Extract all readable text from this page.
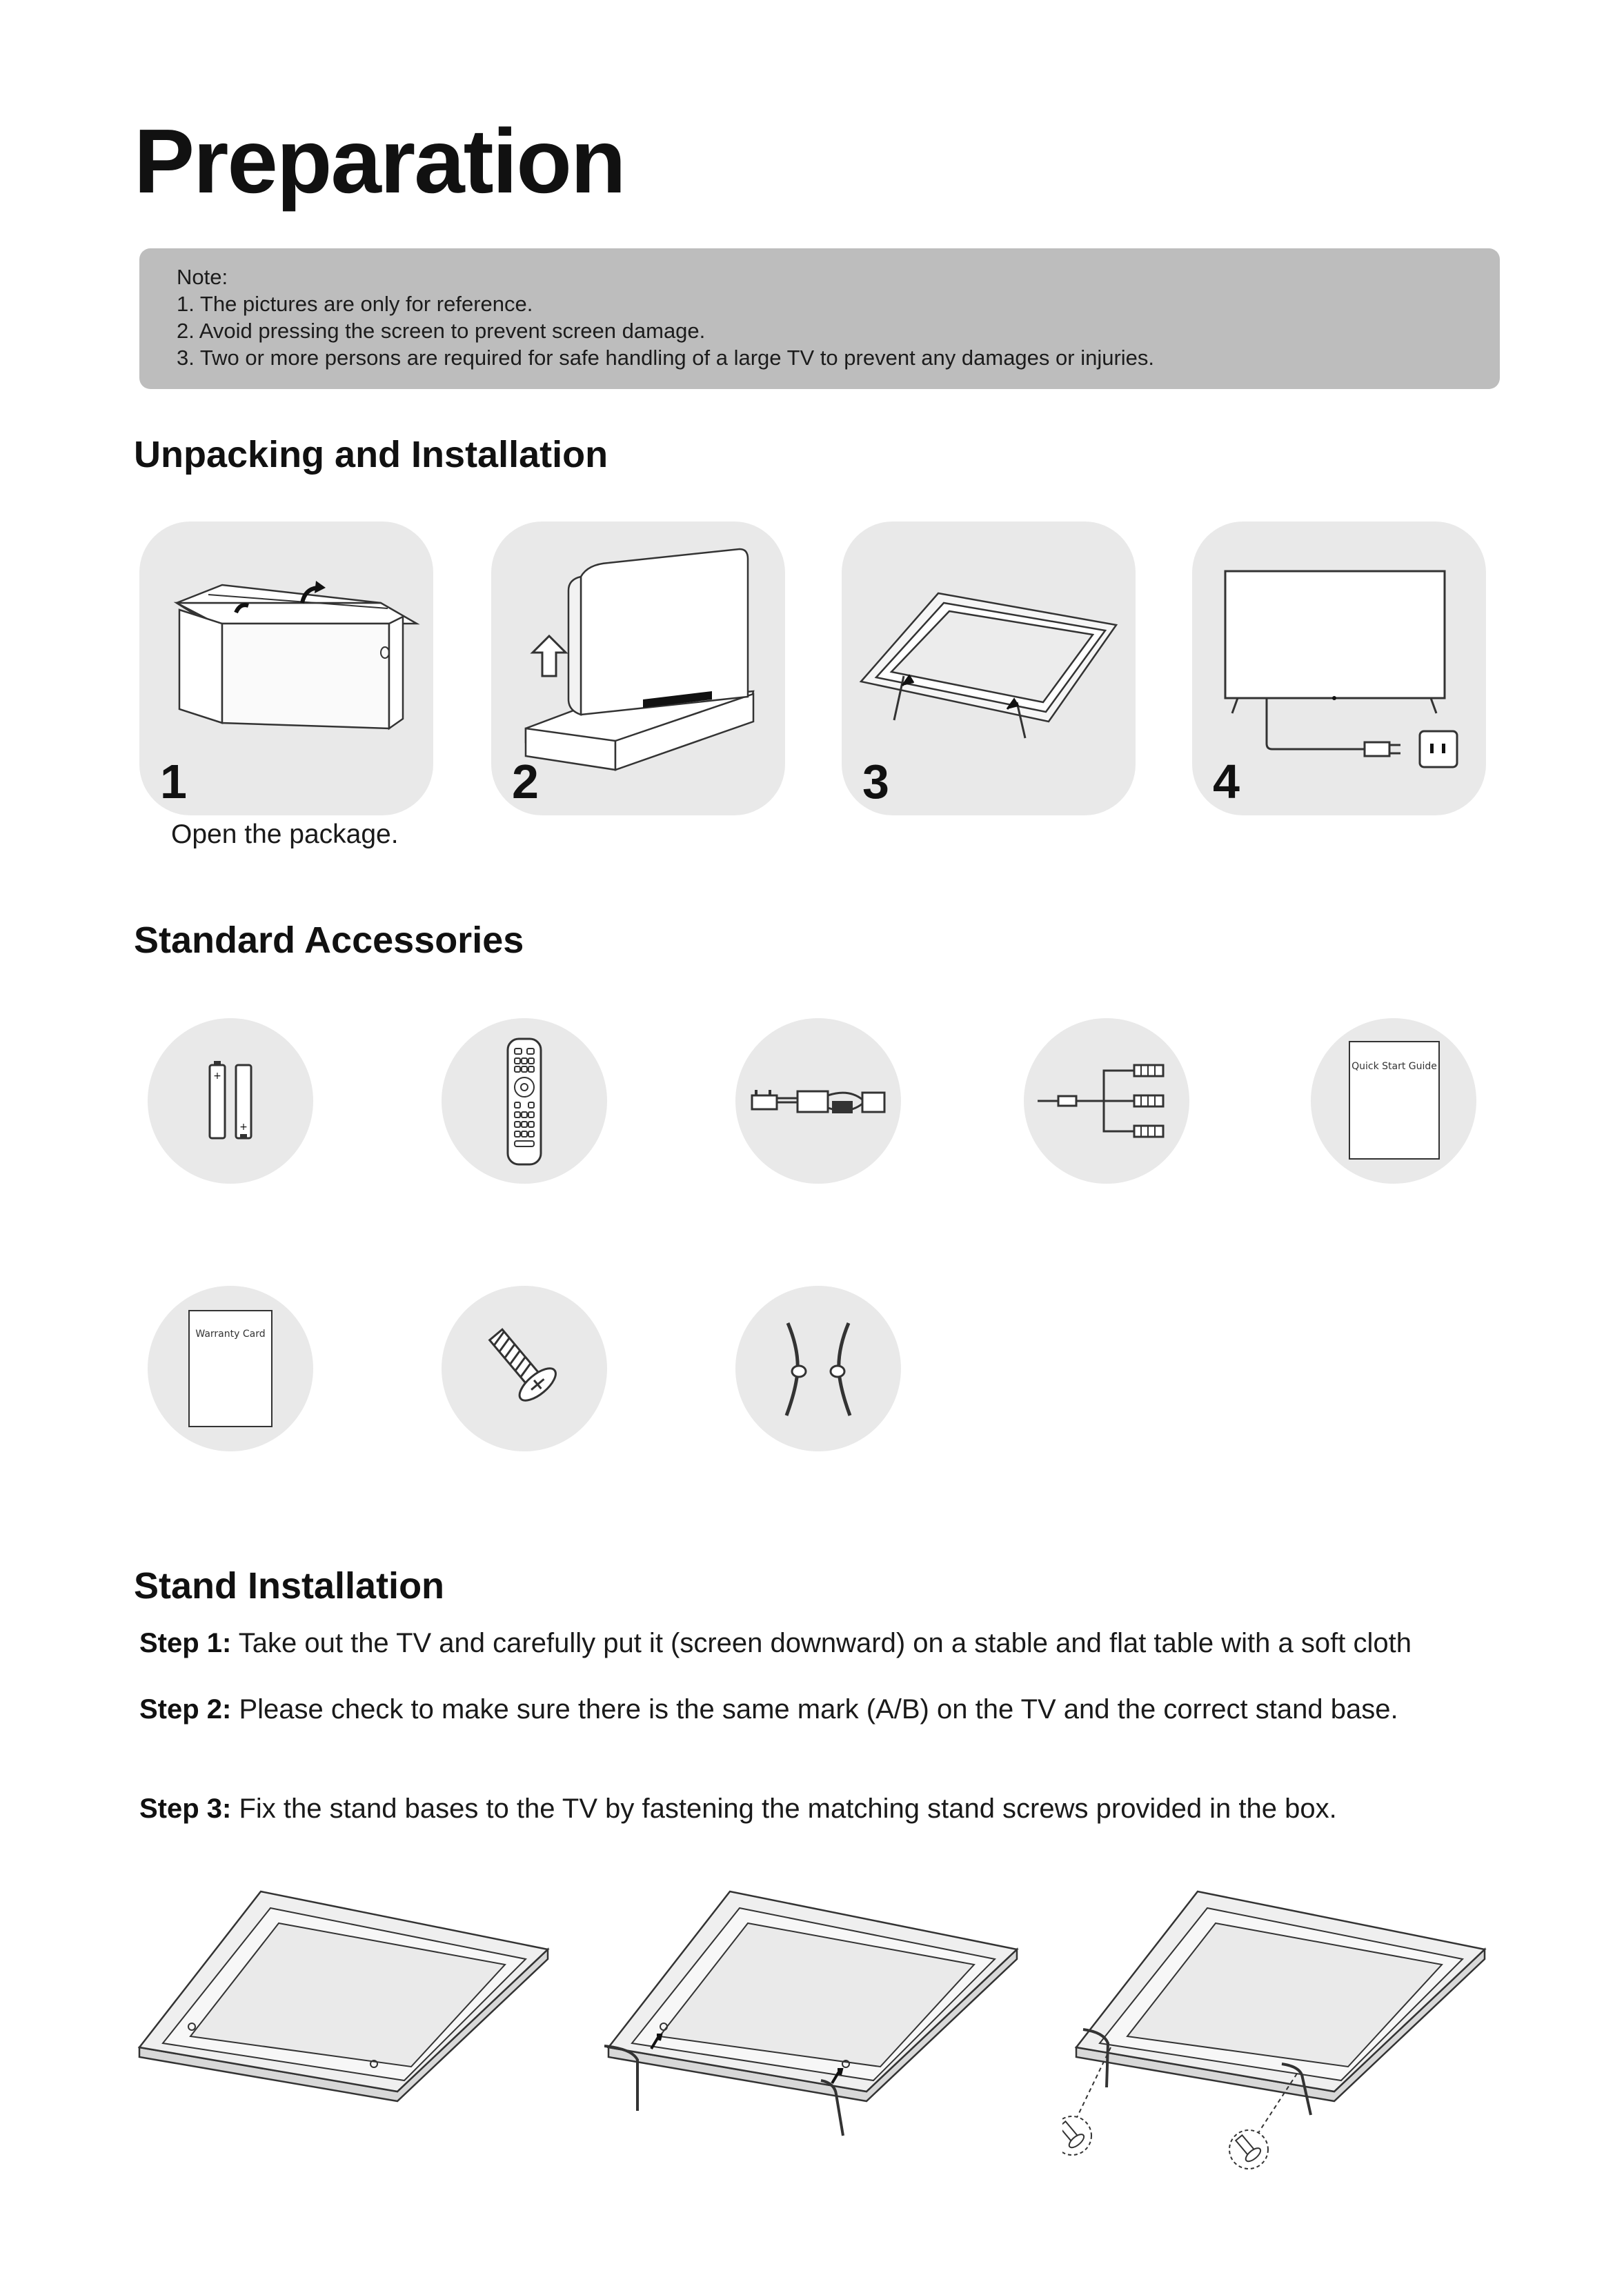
Preparation
Note:
1. The pictures are only for reference.
2. Avoid pressing the screen to prevent screen damage.
3. Two or more persons are required for safe handling of a large TV to prevent any damages or injuries.
Unpacking and Installation
1	2	3	4
Open the package.
Standard Accessories
+
+
Quick Start Guide
Warranty Card
Stand Installation
Step 1: Take out the TV and carefully put it (screen downward) on a stable and flat table with a soft cloth
Step 2: Please check to make sure there is the same mark (A/B) on the TV and the correct stand base.
Step 3: Fix the stand bases to the TV by fastening the matching stand screws provided in the box.
